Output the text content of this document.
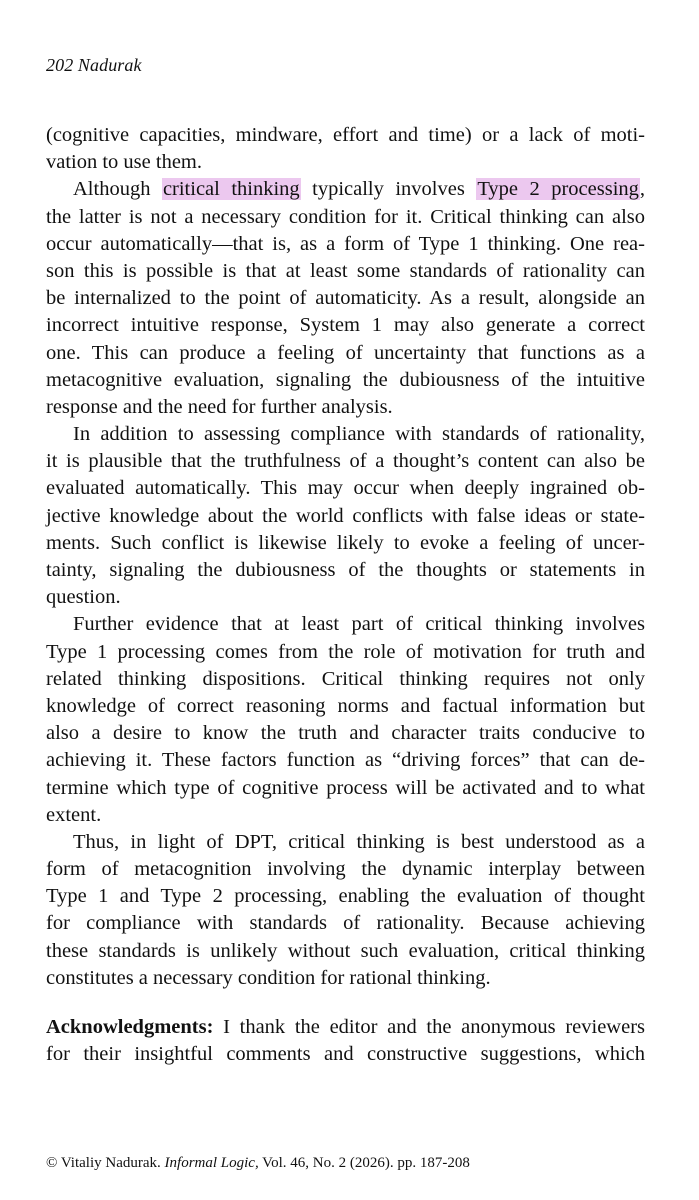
202 Nadurak
(cognitive capacities, mindware, effort and time) or a lack of moti-
vation to use them.
Although critical thinking typically involves Type 2 processing,
the latter is not a necessary condition for it. Critical thinking can also
occur automatically—that is, as a form of Type 1 thinking. One rea-
son this is possible is that at least some standards of rationality can
be internalized to the point of automaticity. As a result, alongside an
incorrect intuitive response, System 1 may also generate a correct
one. This can produce a feeling of uncertainty that functions as a
metacognitive evaluation, signaling the dubiousness of the intuitive
response and the need for further analysis.
In addition to assessing compliance with standards of rationality,
it is plausible that the truthfulness of a thought’s content can also be
evaluated automatically. This may occur when deeply ingrained ob-
jective knowledge about the world conflicts with false ideas or state-
ments. Such conflict is likewise likely to evoke a feeling of uncer-
tainty, signaling the dubiousness of the thoughts or statements in
question.
Further evidence that at least part of critical thinking involves
Type 1 processing comes from the role of motivation for truth and
related thinking dispositions. Critical thinking requires not only
knowledge of correct reasoning norms and factual information but
also a desire to know the truth and character traits conducive to
achieving it. These factors function as “driving forces” that can de-
termine which type of cognitive process will be activated and to what
extent.
Thus, in light of DPT, critical thinking is best understood as a
form of metacognition involving the dynamic interplay between
Type 1 and Type 2 processing, enabling the evaluation of thought
for compliance with standards of rationality. Because achieving
these standards is unlikely without such evaluation, critical thinking
constitutes a necessary condition for rational thinking.
Acknowledgments: I thank the editor and the anonymous reviewers
for their insightful comments and constructive suggestions, which
© Vitaliy Nadurak. Informal Logic, Vol. 46, No. 2 (2026). pp. 187-208
